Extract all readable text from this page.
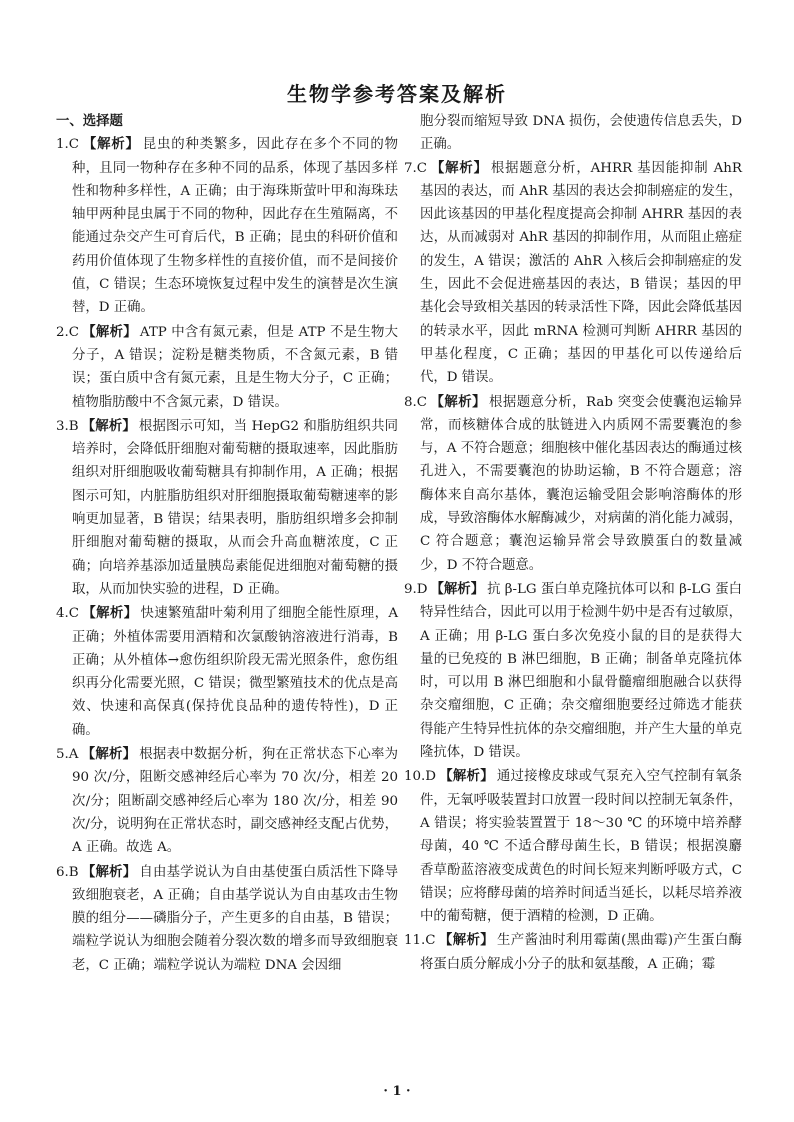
生物学参考答案及解析
一、选择题
1.C 【解析】 昆虫的种类繁多，因此存在多个不同的物种，且同一物种存在多种不同的品系，体现了基因多样性和物种多样性，A 正确；由于海珠斯萤叶甲和海珠珐轴甲两种昆虫属于不同的物种，因此存在生殖隔离，不能通过杂交产生可育后代，B 正确；昆虫的科研价值和药用价值体现了生物多样性的直接价值，而不是间接价值，C 错误；生态环境恢复过程中发生的演替是次生演替，D 正确。
2.C 【解析】 ATP 中含有氮元素，但是 ATP 不是生物大分子，A 错误；淀粉是糖类物质，不含氮元素，B 错误；蛋白质中含有氮元素，且是生物大分子，C 正确；植物脂肪酸中不含氮元素，D 错误。
3.B 【解析】 根据图示可知，当 HepG2 和脂肪组织共同培养时，会降低肝细胞对葡萄糖的摄取速率，因此脂肪组织对肝细胞吸收葡萄糖具有抑制作用，A 正确；根据图示可知，内脏脂肪组织对肝细胞摄取葡萄糖速率的影响更加显著，B 错误；结果表明，脂肪组织增多会抑制肝细胞对葡萄糖的摄取，从而会升高血糖浓度，C 正确；向培养基添加适量胰岛素能促进细胞对葡萄糖的摄取，从而加快实验的进程，D 正确。
4.C 【解析】 快速繁殖甜叶菊利用了细胞全能性原理，A 正确；外植体需要用酒精和次氯酸钠溶液进行消毒，B 正确；从外植体→愈伤组织阶段无需光照条件，愈伤组织再分化需要光照，C 错误；微型繁殖技术的优点是高效、快速和高保真(保持优良品种的遗传特性)，D 正确。
5.A 【解析】 根据表中数据分析，狗在正常状态下心率为 90 次/分，阻断交感神经后心率为 70 次/分，相差 20 次/分；阻断副交感神经后心率为 180 次/分，相差 90 次/分，说明狗在正常状态时，副交感神经支配占优势，A 正确。故选 A。
6.B 【解析】 自由基学说认为自由基使蛋白质活性下降导致细胞衰老，A 正确；自由基学说认为自由基攻击生物膜的组分——磷脂分子，产生更多的自由基，B 错误；端粒学说认为细胞会随着分裂次数的增多而导致细胞衰老，C 正确；端粒学说认为端粒 DNA 会因细
胞分裂而缩短导致 DNA 损伤，会使遗传信息丢失，D 正确。
7.C 【解析】 根据题意分析，AHRR 基因能抑制 AhR 基因的表达，而 AhR 基因的表达会抑制癌症的发生，因此该基因的甲基化程度提高会抑制 AHRR 基因的表达，从而减弱对 AhR 基因的抑制作用，从而阻止癌症的发生，A 错误；激活的 AhR 入核后会抑制癌症的发生，因此不会促进癌基因的表达，B 错误；基因的甲基化会导致相关基因的转录活性下降，因此会降低基因的转录水平，因此 mRNA 检测可判断 AHRR 基因的甲基化程度，C 正确；基因的甲基化可以传递给后代，D 错误。
8.C 【解析】 根据题意分析，Rab 突变会使囊泡运输异常，而核糖体合成的肽链进入内质网不需要囊泡的参与，A 不符合题意；细胞核中催化基因表达的酶通过核孔进入，不需要囊泡的协助运输，B 不符合题意；溶酶体来自高尔基体，囊泡运输受阻会影响溶酶体的形成，导致溶酶体水解酶减少，对病菌的消化能力减弱，C 符合题意；囊泡运输异常会导致膜蛋白的数量减少，D 不符合题意。
9.D 【解析】 抗 β-LG 蛋白单克隆抗体可以和 β-LG 蛋白特异性结合，因此可以用于检测牛奶中是否有过敏原，A 正确；用 β-LG 蛋白多次免疫小鼠的目的是获得大量的已免疫的 B 淋巴细胞，B 正确；制备单克隆抗体时，可以用 B 淋巴细胞和小鼠骨髓瘤细胞融合以获得杂交瘤细胞，C 正确；杂交瘤细胞要经过筛选才能获得能产生特异性抗体的杂交瘤细胞，并产生大量的单克隆抗体，D 错误。
10.D 【解析】 通过接橡皮球或气泵充入空气控制有氧条件，无氧呼吸装置封口放置一段时间以控制无氧条件，A 错误；将实验装置置于 18～30 ℃ 的环境中培养酵母菌，40 ℃ 不适合酵母菌生长，B 错误；根据溴麝香草酚蓝溶液变成黄色的时间长短来判断呼吸方式，C 错误；应将酵母菌的培养时间适当延长，以耗尽培养液中的葡萄糖，便于酒精的检测，D 正确。
11.C 【解析】 生产酱油时利用霉菌(黑曲霉)产生蛋白酶将蛋白质分解成小分子的肽和氨基酸，A 正确；霉
· 1 ·
